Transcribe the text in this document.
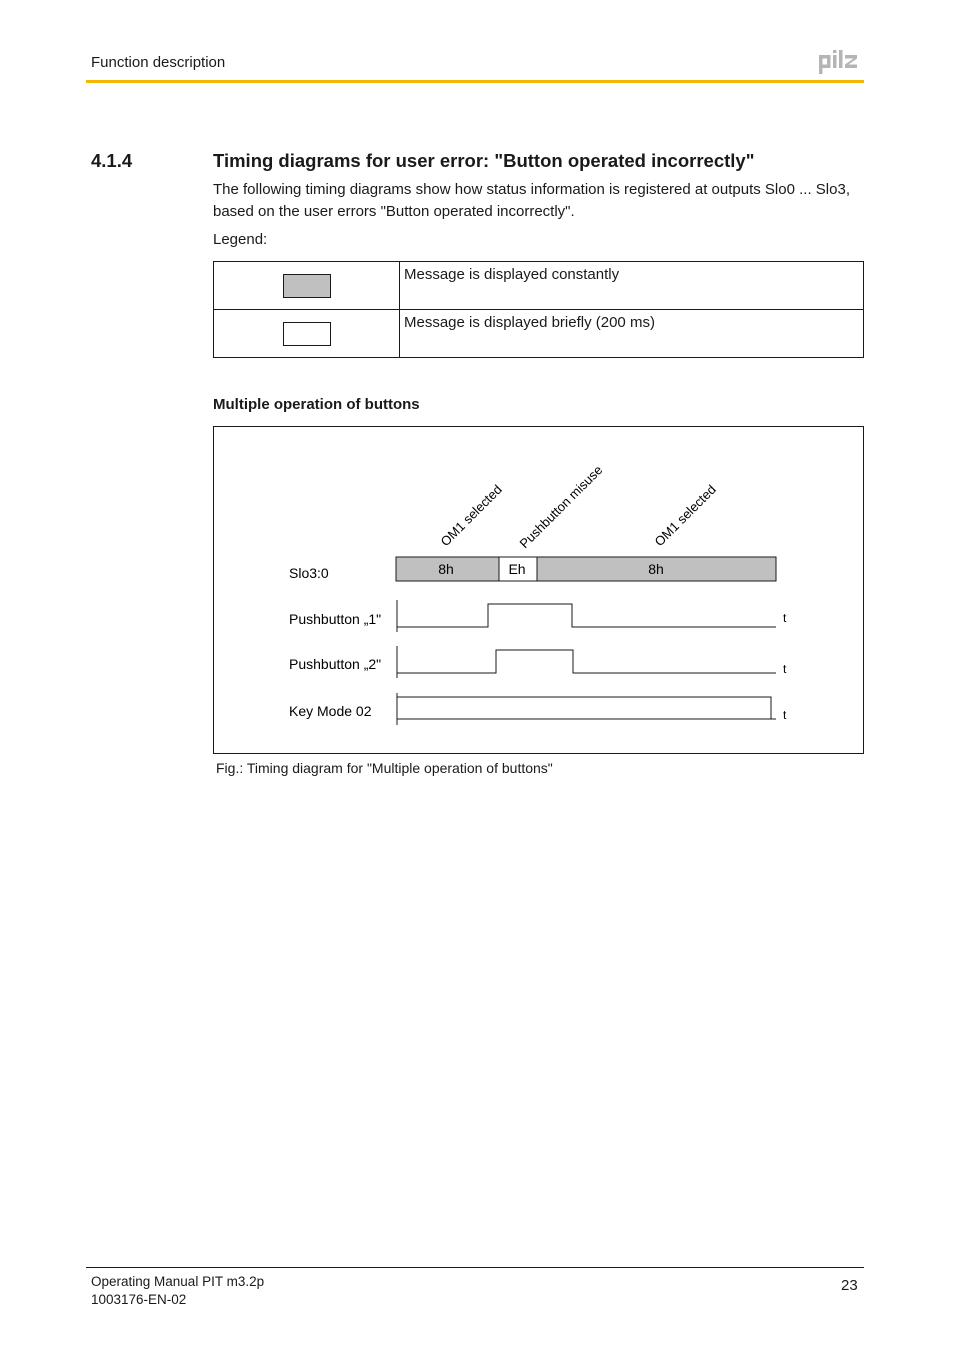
Function description
4.1.4	Timing diagrams for user error: "Button operated incorrectly"

The following timing diagrams show how status information is registered at outputs Slo0 ... Slo3, based on the user errors "Button operated incorrectly".

Legend:
	Message is displayed constantly
	Message is displayed briefly (200 ms)
Multiple operation of buttons
OM1 selected Pushbutton misuse	OM1 selected
Slo3:0	8h	Eh	8h
Pushbutton „1"	t
Pushbutton „2"	t
Key Mode 02	t
Fig.: Timing diagram for "Multiple operation of buttons"
Operating Manual PIT m3.2p
1003176-EN-02
23
